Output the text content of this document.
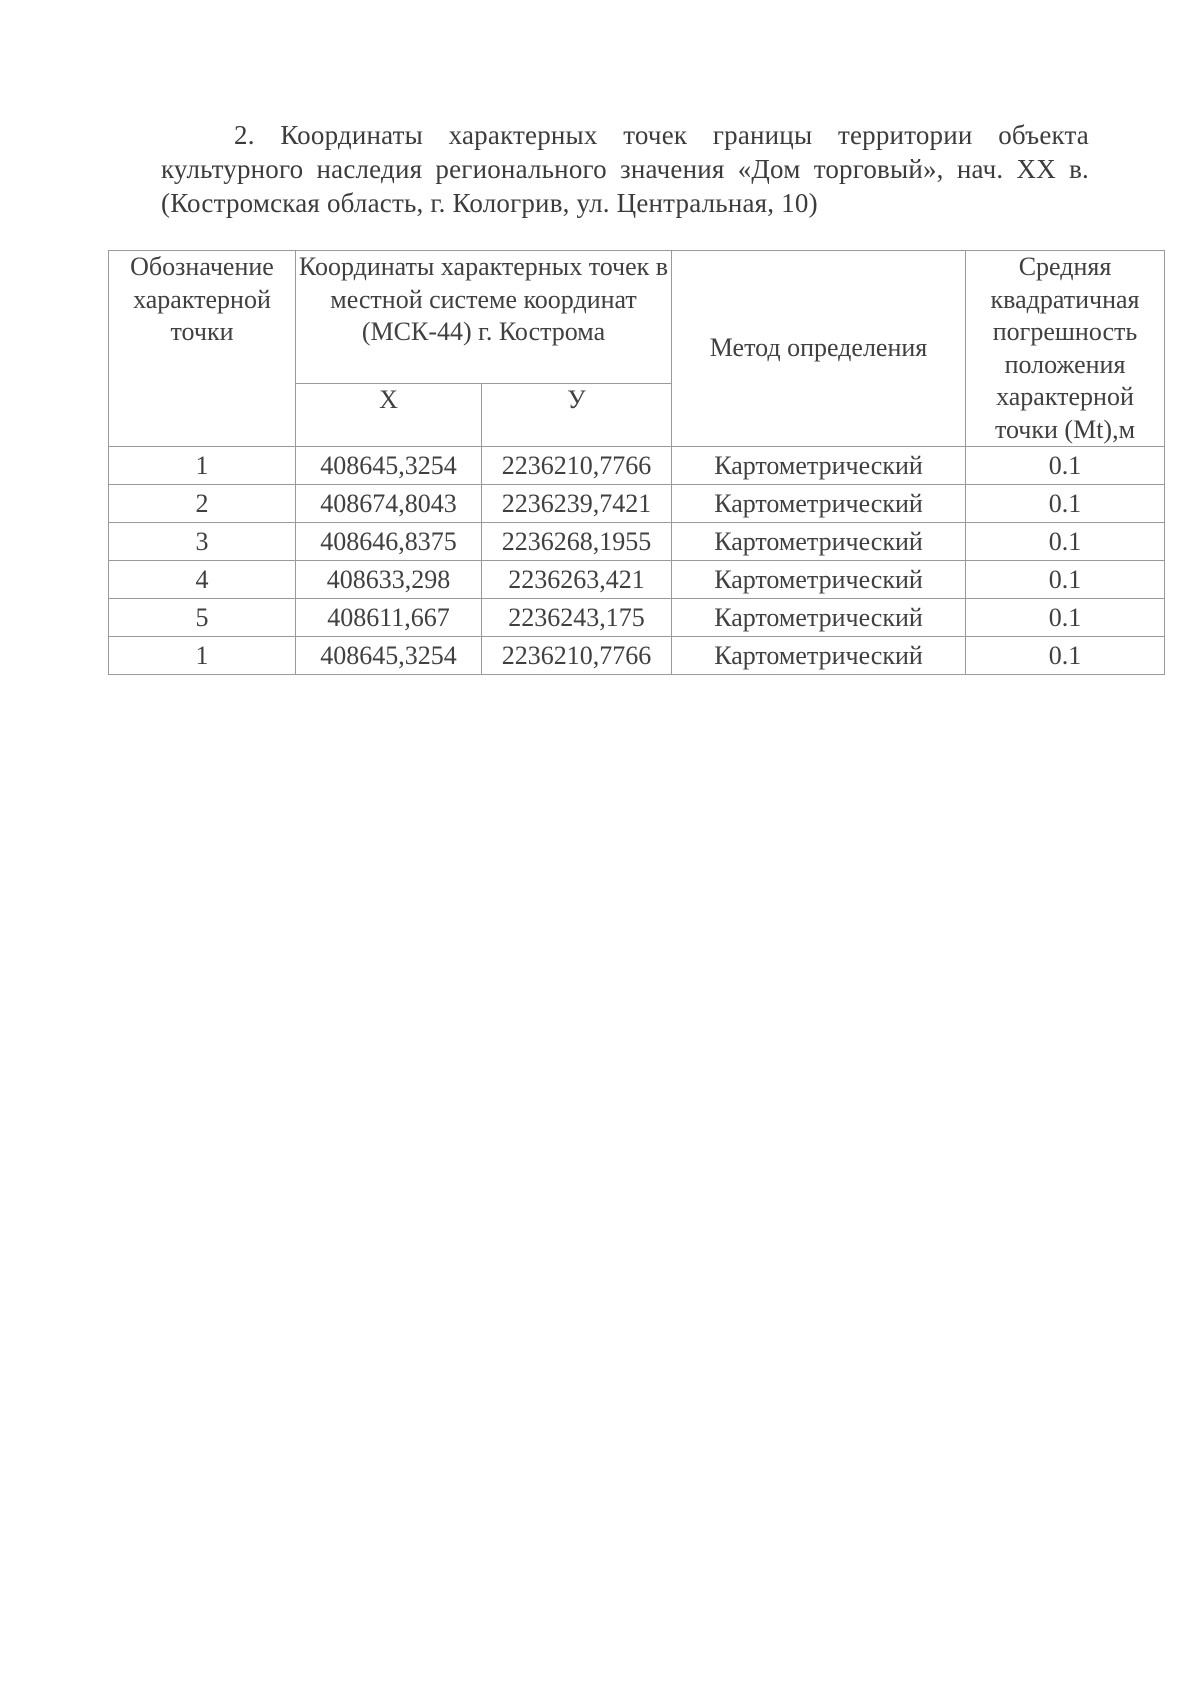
2. Координаты характерных точек границы территории объекта

культурного наследия регионального значения «Дом торговый», нач. XX в.

(Костромская область, г. Кологрив, ул. Центральная, 10)

Обозначение характерной точки	Координаты характерных точек в местной системе координат (МСК-44) г. Кострома		Метод определения	Средняя квадратичная погрешность положения характерной точки (Mt),м
	Х	У		
1	408645,3254	2236210,7766	Картометрический	0.1
2	408674,8043	2236239,7421	Картометрический	0.1
3	408646,8375	2236268,1955	Картометрический	0.1
4	408633,298	2236263,421	Картометрический	0.1
5	408611,667	2236243,175	Картометрический	0.1
1	408645,3254	2236210,7766	Картометрический	0.1
